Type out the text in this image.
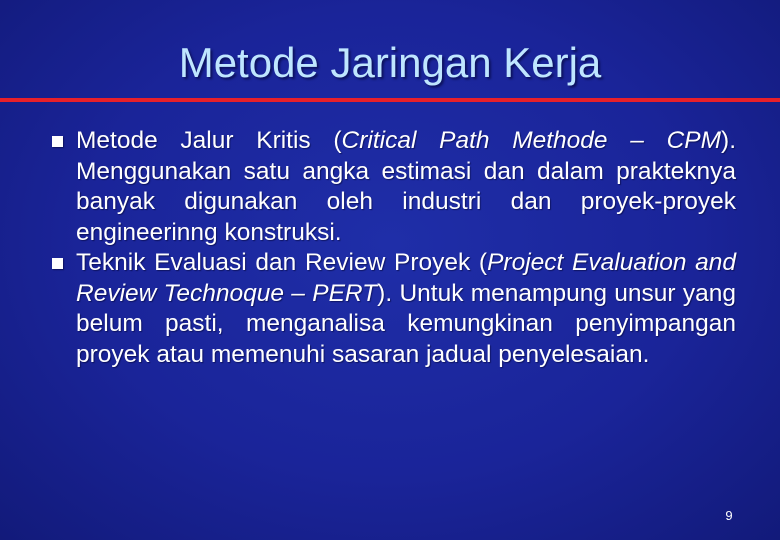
Metode Jaringan Kerja
Metode Jalur Kritis (Critical Path Methode – CPM). Menggunakan satu angka estimasi dan dalam prakteknya banyak digunakan oleh industri dan proyek-proyek engineerinng konstruksi.
Teknik Evaluasi dan Review Proyek (Project Evaluation and Review Technoque – PERT). Untuk menampung unsur yang belum pasti, menganalisa kemungkinan penyimpangan proyek atau memenuhi sasaran jadual penyelesaian.
9
